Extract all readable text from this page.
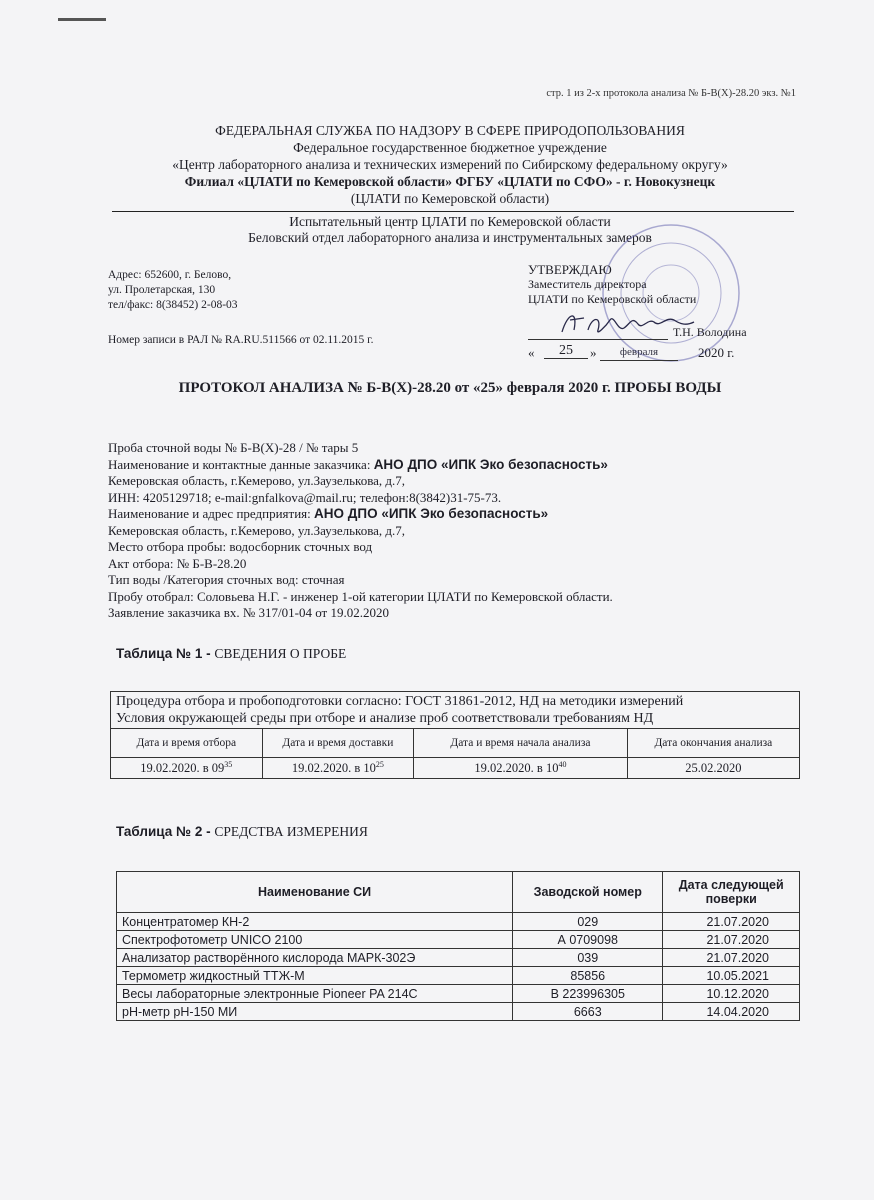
стр. 1 из 2-х протокола анализа № Б-В(Х)-28.20 экз. №1
ФЕДЕРАЛЬНАЯ СЛУЖБА ПО НАДЗОРУ В СФЕРЕ ПРИРОДОПОЛЬЗОВАНИЯ
Федеральное государственное бюджетное учреждение
«Центр лабораторного анализа и технических измерений по Сибирскому федеральному округу»
Филиал «ЦЛАТИ по Кемеровской области» ФГБУ «ЦЛАТИ по СФО» - г. Новокузнецк
(ЦЛАТИ по Кемеровской области)
Испытательный центр ЦЛАТИ по Кемеровской области
Беловский отдел лабораторного анализа и инструментальных замеров
Адрес: 652600, г. Белово,
ул. Пролетарская, 130
тел/факс: 8(38452) 2-08-03
Номер записи в РАЛ № RA.RU.511566 от 02.11.2015 г.
УТВЕРЖДАЮ
Заместитель директора
ЦЛАТИ по Кемеровской области
Т.Н. Володина
«	25	»	февраля	2020 г.
ПРОТОКОЛ АНАЛИЗА № Б-В(Х)-28.20 от «25» февраля 2020 г. ПРОБЫ ВОДЫ
Проба сточной воды № Б-В(Х)-28 / № тары 5
Наименование и контактные данные заказчика: АНО ДПО «ИПК Эко безопасность»
Кемеровская область, г.Кемерово, ул.Заузелькова, д.7,
ИНН: 4205129718; e-mail:gnfalkova@mail.ru; телефон:8(3842)31-75-73.
Наименование и адрес предприятия: АНО ДПО «ИПК Эко безопасность»
Кемеровская область, г.Кемерово, ул.Заузелькова, д.7,
Место отбора пробы: водосборник сточных вод
Акт отбора: № Б-В-28.20
Тип воды /Категория сточных вод: сточная
Пробу отобрал: Соловьева Н.Г. - инженер 1-ой категории ЦЛАТИ по Кемеровской области.
Заявление заказчика вх. № 317/01-04 от 19.02.2020
Таблица № 1 - СВЕДЕНИЯ О ПРОБЕ
Процедура отбора и пробоподготовки согласно: ГОСТ 31861-2012, НД на методики измерений
Условия окружающей среды при отборе и анализе проб соответствовали требованиям НД			

Дата и время отбора	Дата и время доставки	Дата и время начала анализа	Дата окончания анализа
19.02.2020. в $09^{35}$	19.02.2020. в $10^{25}$	19.02.2020. в $10^{40}$	25.02.2020
Таблица № 2 - СРЕДСТВА ИЗМЕРЕНИЯ
Наименование СИ	Заводской номер	Дата следующей поверки
Концентратомер КН-2	029	21.07.2020
Спектрофотометр UNICO 2100	А 0709098	21.07.2020
Анализатор растворённого кислорода МАРК-302Э	039	21.07.2020
Термометр жидкостный ТТЖ-М	85856	10.05.2021
Весы лабораторные электронные Pioneer PA 214C	В 223996305	10.12.2020
pH-метр pH-150 МИ	6663	14.04.2020
